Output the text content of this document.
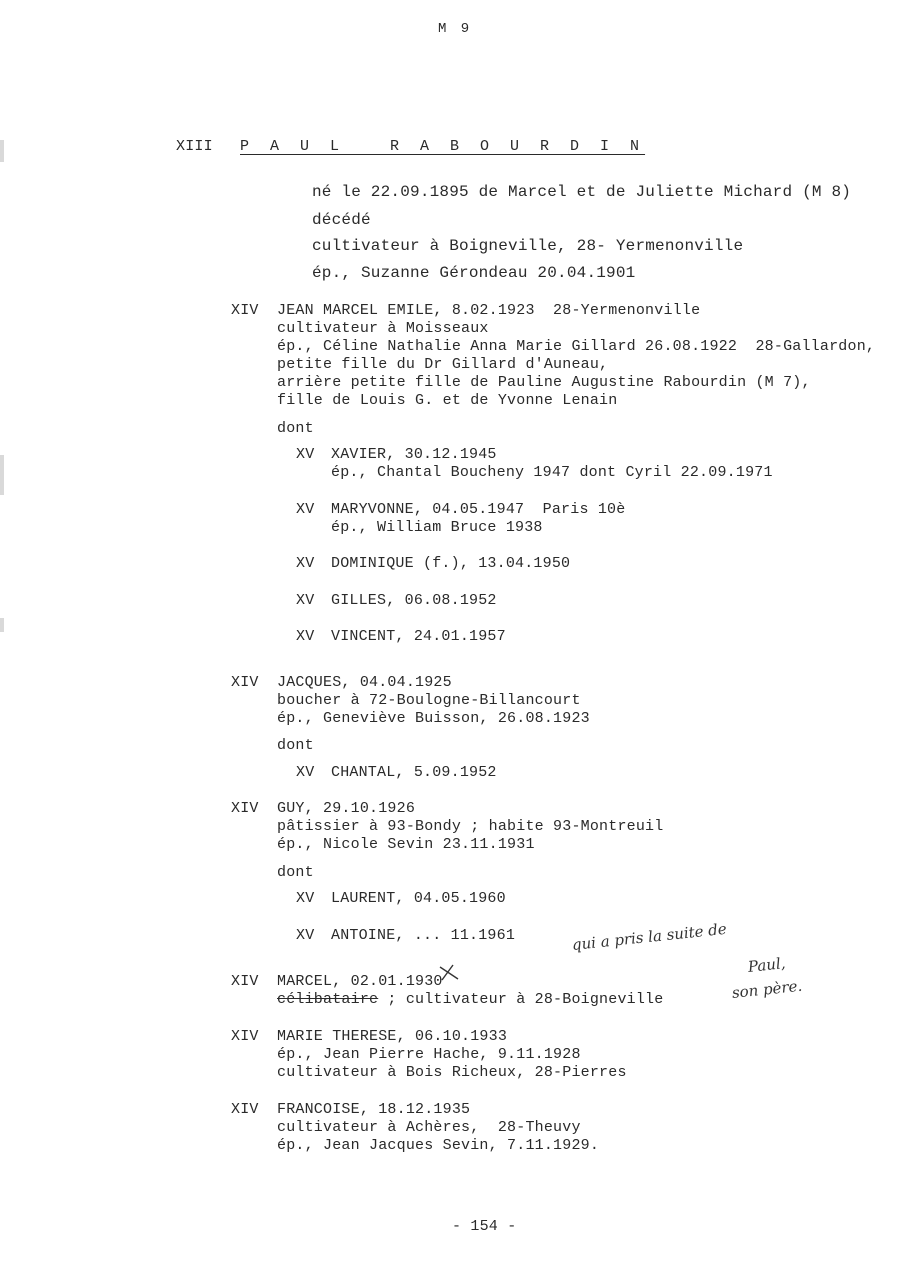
M 9
XIII P A U L   R A B O U R D I N
né le 22.09.1895 de Marcel et de Juliette Michard (M 8)
décédé
cultivateur à Boigneville, 28- Yermenonville
ép., Suzanne Gérondeau 20.04.1901
XIV JEAN MARCEL EMILE, 8.02.1923  28-Yermenonville
cultivateur à Moisseaux
ép., Céline Nathalie Anna Marie Gillard 26.08.1922  28-Gallardon,
petite fille du Dr Gillard d'Auneau,
arrière petite fille de Pauline Augustine Rabourdin (M 7),
fille de Louis G. et de Yvonne Lenain
dont
XV XAVIER, 30.12.1945
ép., Chantal Boucheny 1947 dont Cyril 22.09.1971
XV MARYVONNE, 04.05.1947  Paris 10è
ép., William Bruce 1938
XV DOMINIQUE (f.), 13.04.1950
XV GILLES, 06.08.1952
XV VINCENT, 24.01.1957
XIV JACQUES, 04.04.1925
boucher à 72-Boulogne-Billancourt
ép., Geneviève Buisson, 26.08.1923
dont
XV CHANTAL, 5.09.1952
XIV GUY, 29.10.1926
pâtissier à 93-Bondy ; habite 93-Montreuil
ép., Nicole Sevin 23.11.1931
dont
XV LAURENT, 04.05.1960
XV ANTOINE, ... 11.1961
XIV MARCEL, 02.01.1930
célibataire ; cultivateur à 28-Boigneville
qui a pris la suite de
Paul,
son père.
XIV MARIE THERESE, 06.10.1933
ép., Jean Pierre Hache, 9.11.1928
cultivateur à Bois Richeux, 28-Pierres
XIV FRANCOISE, 18.12.1935
cultivateur à Achères,  28-Theuvy
ép., Jean Jacques Sevin, 7.11.1929.
- 154 -
